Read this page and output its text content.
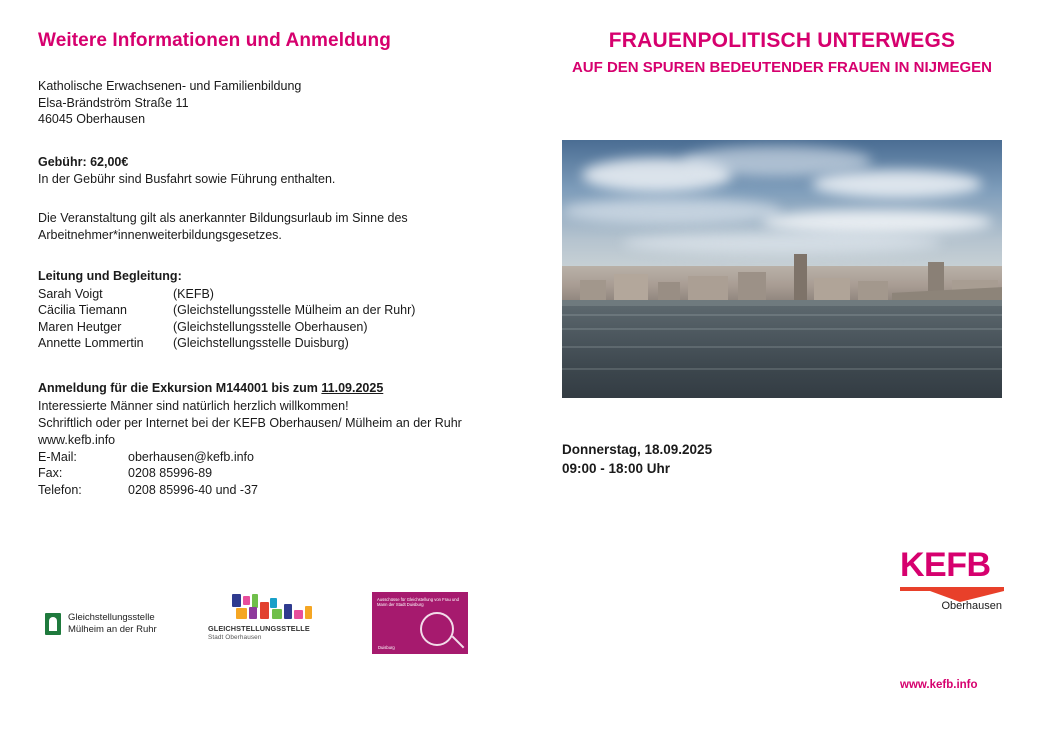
Weitere Informationen und Anmeldung
Katholische Erwachsenen- und Familienbildung
Elsa-Brändström Straße 11
46045 Oberhausen
Gebühr: 62,00€
In der Gebühr sind Busfahrt sowie Führung enthalten.
Die Veranstaltung gilt als anerkannter Bildungsurlaub im Sinne des Arbeitnehmer*innenweiterbildungsgesetzes.
Leitung und Begleitung:
Sarah Voigt	(KEFB)
Cäcilia Tiemann	(Gleichstellungsstelle Mülheim an der Ruhr)
Maren Heutger	(Gleichstellungsstelle Oberhausen)
Annette Lommertin	(Gleichstellungsstelle Duisburg)
Anmeldung für die Exkursion M144001 bis zum 11.09.2025
Interessierte Männer sind natürlich herzlich willkommen!
Schriftlich oder per Internet bei der KEFB Oberhausen/ Mülheim an der Ruhr
www.kefb.info
E-Mail:	oberhausen@kefb.info
Fax:	0208 85996-89
Telefon:	0208 85996-40 und -37
Gleichstellungsstelle
Mülheim an der Ruhr	GLEICHSTELLUNGSSTELLE
Stadt Oberhausen
Ausschüsse für Gleichstellung von Frau und Mann der Stadt Duisburg
Duisburg
FRAUENPOLITISCH UNTERWEGS
AUF DEN SPUREN BEDEUTENDER FRAUEN IN NIJMEGEN
Donnerstag, 18.09.2025
09:00 - 18:00 Uhr
KEFB
Oberhausen
www.kefb.info
